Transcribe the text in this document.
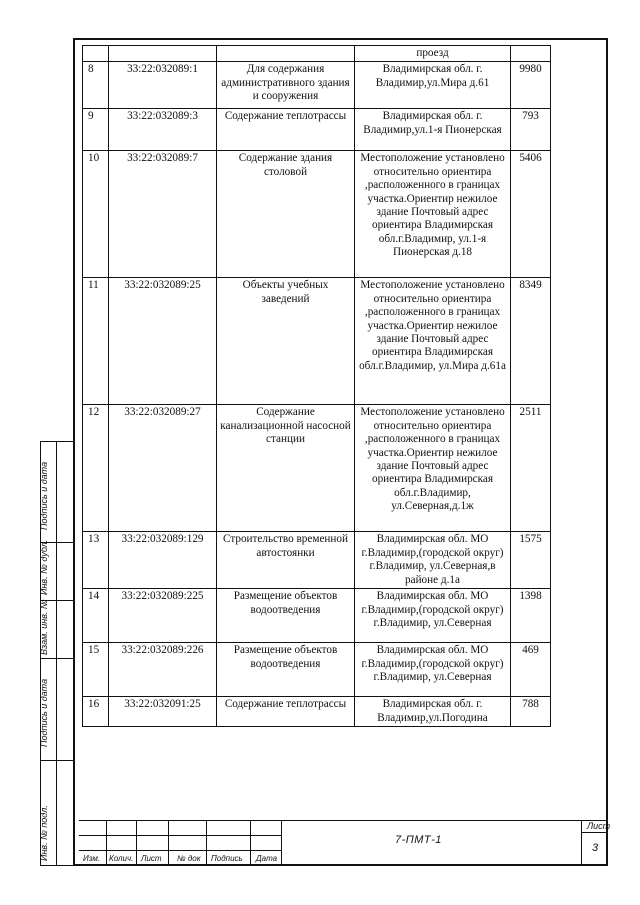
			проезд	
8	33:22:032089:1	Для содержания административного здания и сооружения	Владимирская обл. г. Владимир,ул.Мира д.61	9980
9	33:22:032089:3	Содержание теплотрассы	Владимирская обл. г. Владимир,ул.1-я Пионерская	793
10	33:22:032089:7	Содержание здания столовой	Местоположение установлено относительно ориентира ,расположенного в границах участка.Ориентир нежилое здание Почтовый адрес ориентира Владимирская обл.г.Владимир, ул.1-я Пионерская д.18	5406
11	33:22:032089:25	Объекты учебных заведений	Местоположение установлено относительно ориентира ,расположенного в границах участка.Ориентир нежилое здание Почтовый адрес ориентира Владимирская обл.г.Владимир, ул.Мира д.61а	8349
12	33:22:032089:27	Содержание канализационной насосной станции	Местоположение установлено относительно ориентира ,расположенного в границах участка.Ориентир нежилое здание Почтовый адрес ориентира Владимирская обл.г.Владимир, ул.Северная,д.1ж	2511
13	33:22:032089:129	Строительство временной автостоянки	Владимирская обл. МО г.Владимир,(городской округ) г.Владимир, ул.Северная,в районе д.1а	1575
14	33:22:032089:225	Размещение объектов водоотведения	Владимирская обл. МО г.Владимир,(городской округ) г.Владимир, ул.Северная	1398
15	33:22:032089:226	Размещение объектов водоотведения	Владимирская обл. МО г.Владимир,(городской округ) г.Владимир, ул.Северная	469
16	33:22:032091:25	Содержание теплотрассы	Владимирская обл. г. Владимир,ул.Погодина	788
Подпись и дата
Инв. № дубл.
Взам. инв. №
Подпись и дата
Инв. № подл.	Изм. Колич. Лист № док Подпись Дата
7-ПМТ-1
Лист
3
